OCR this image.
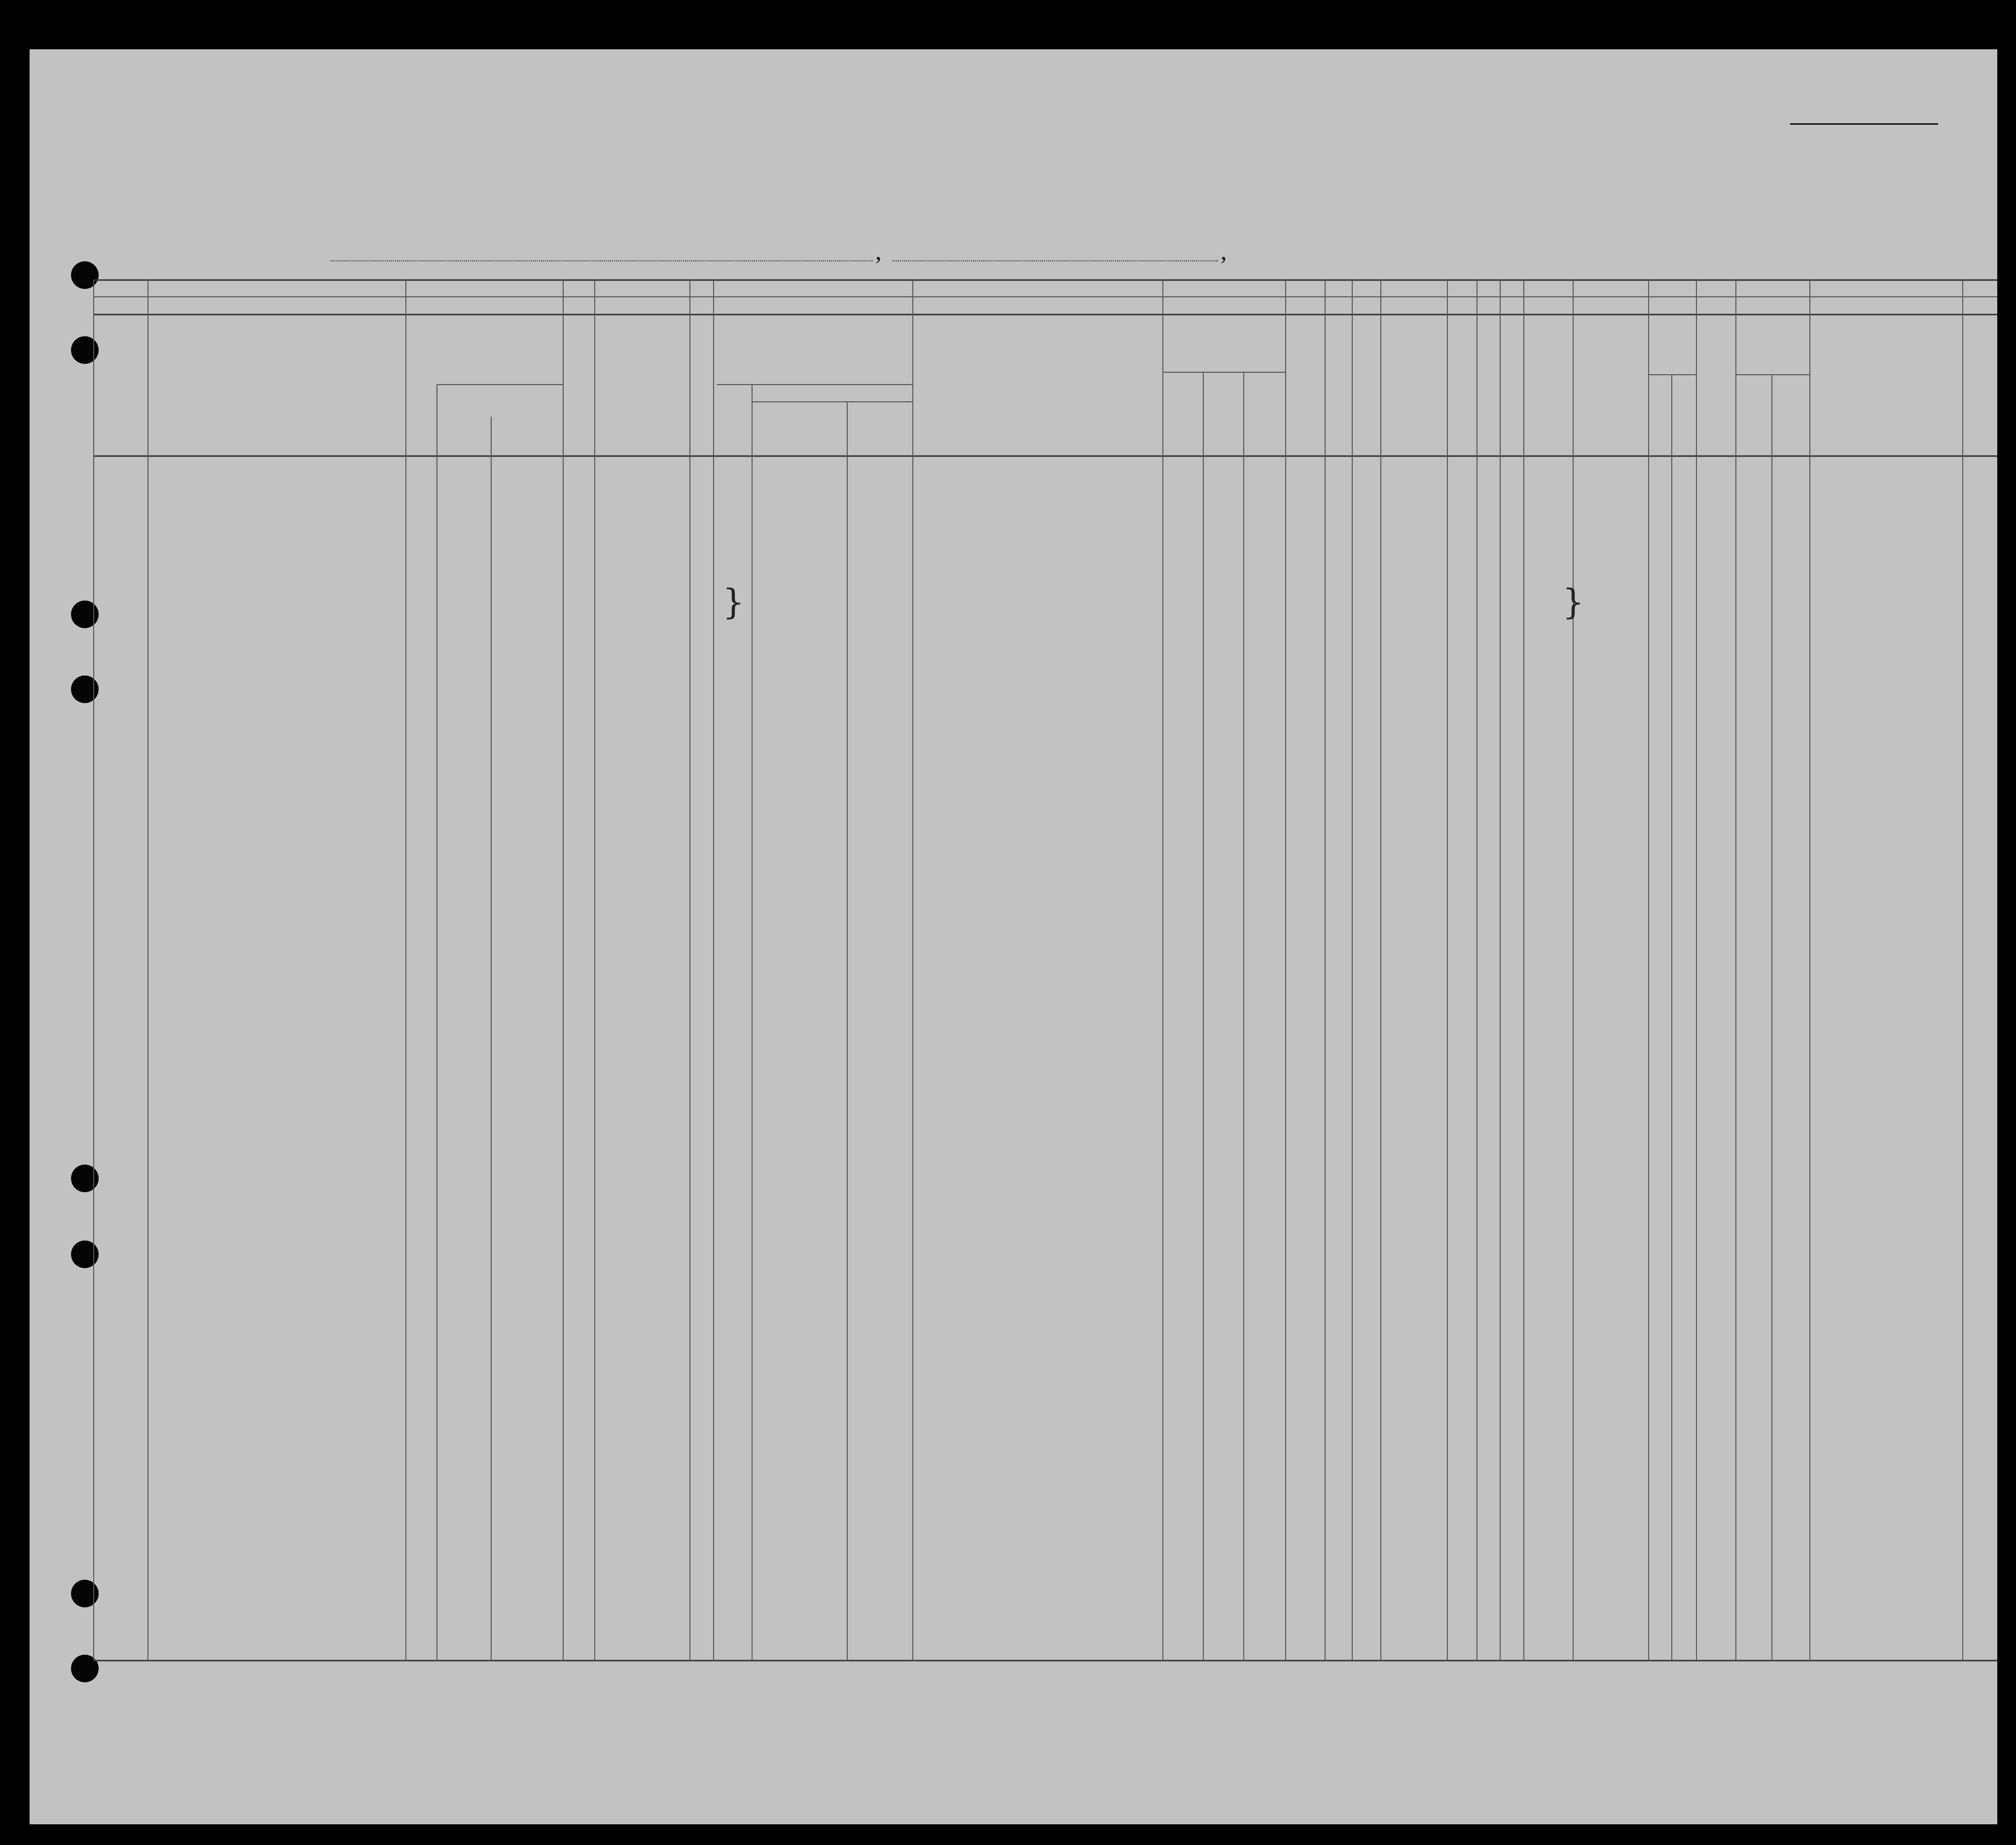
,	,
}	}
